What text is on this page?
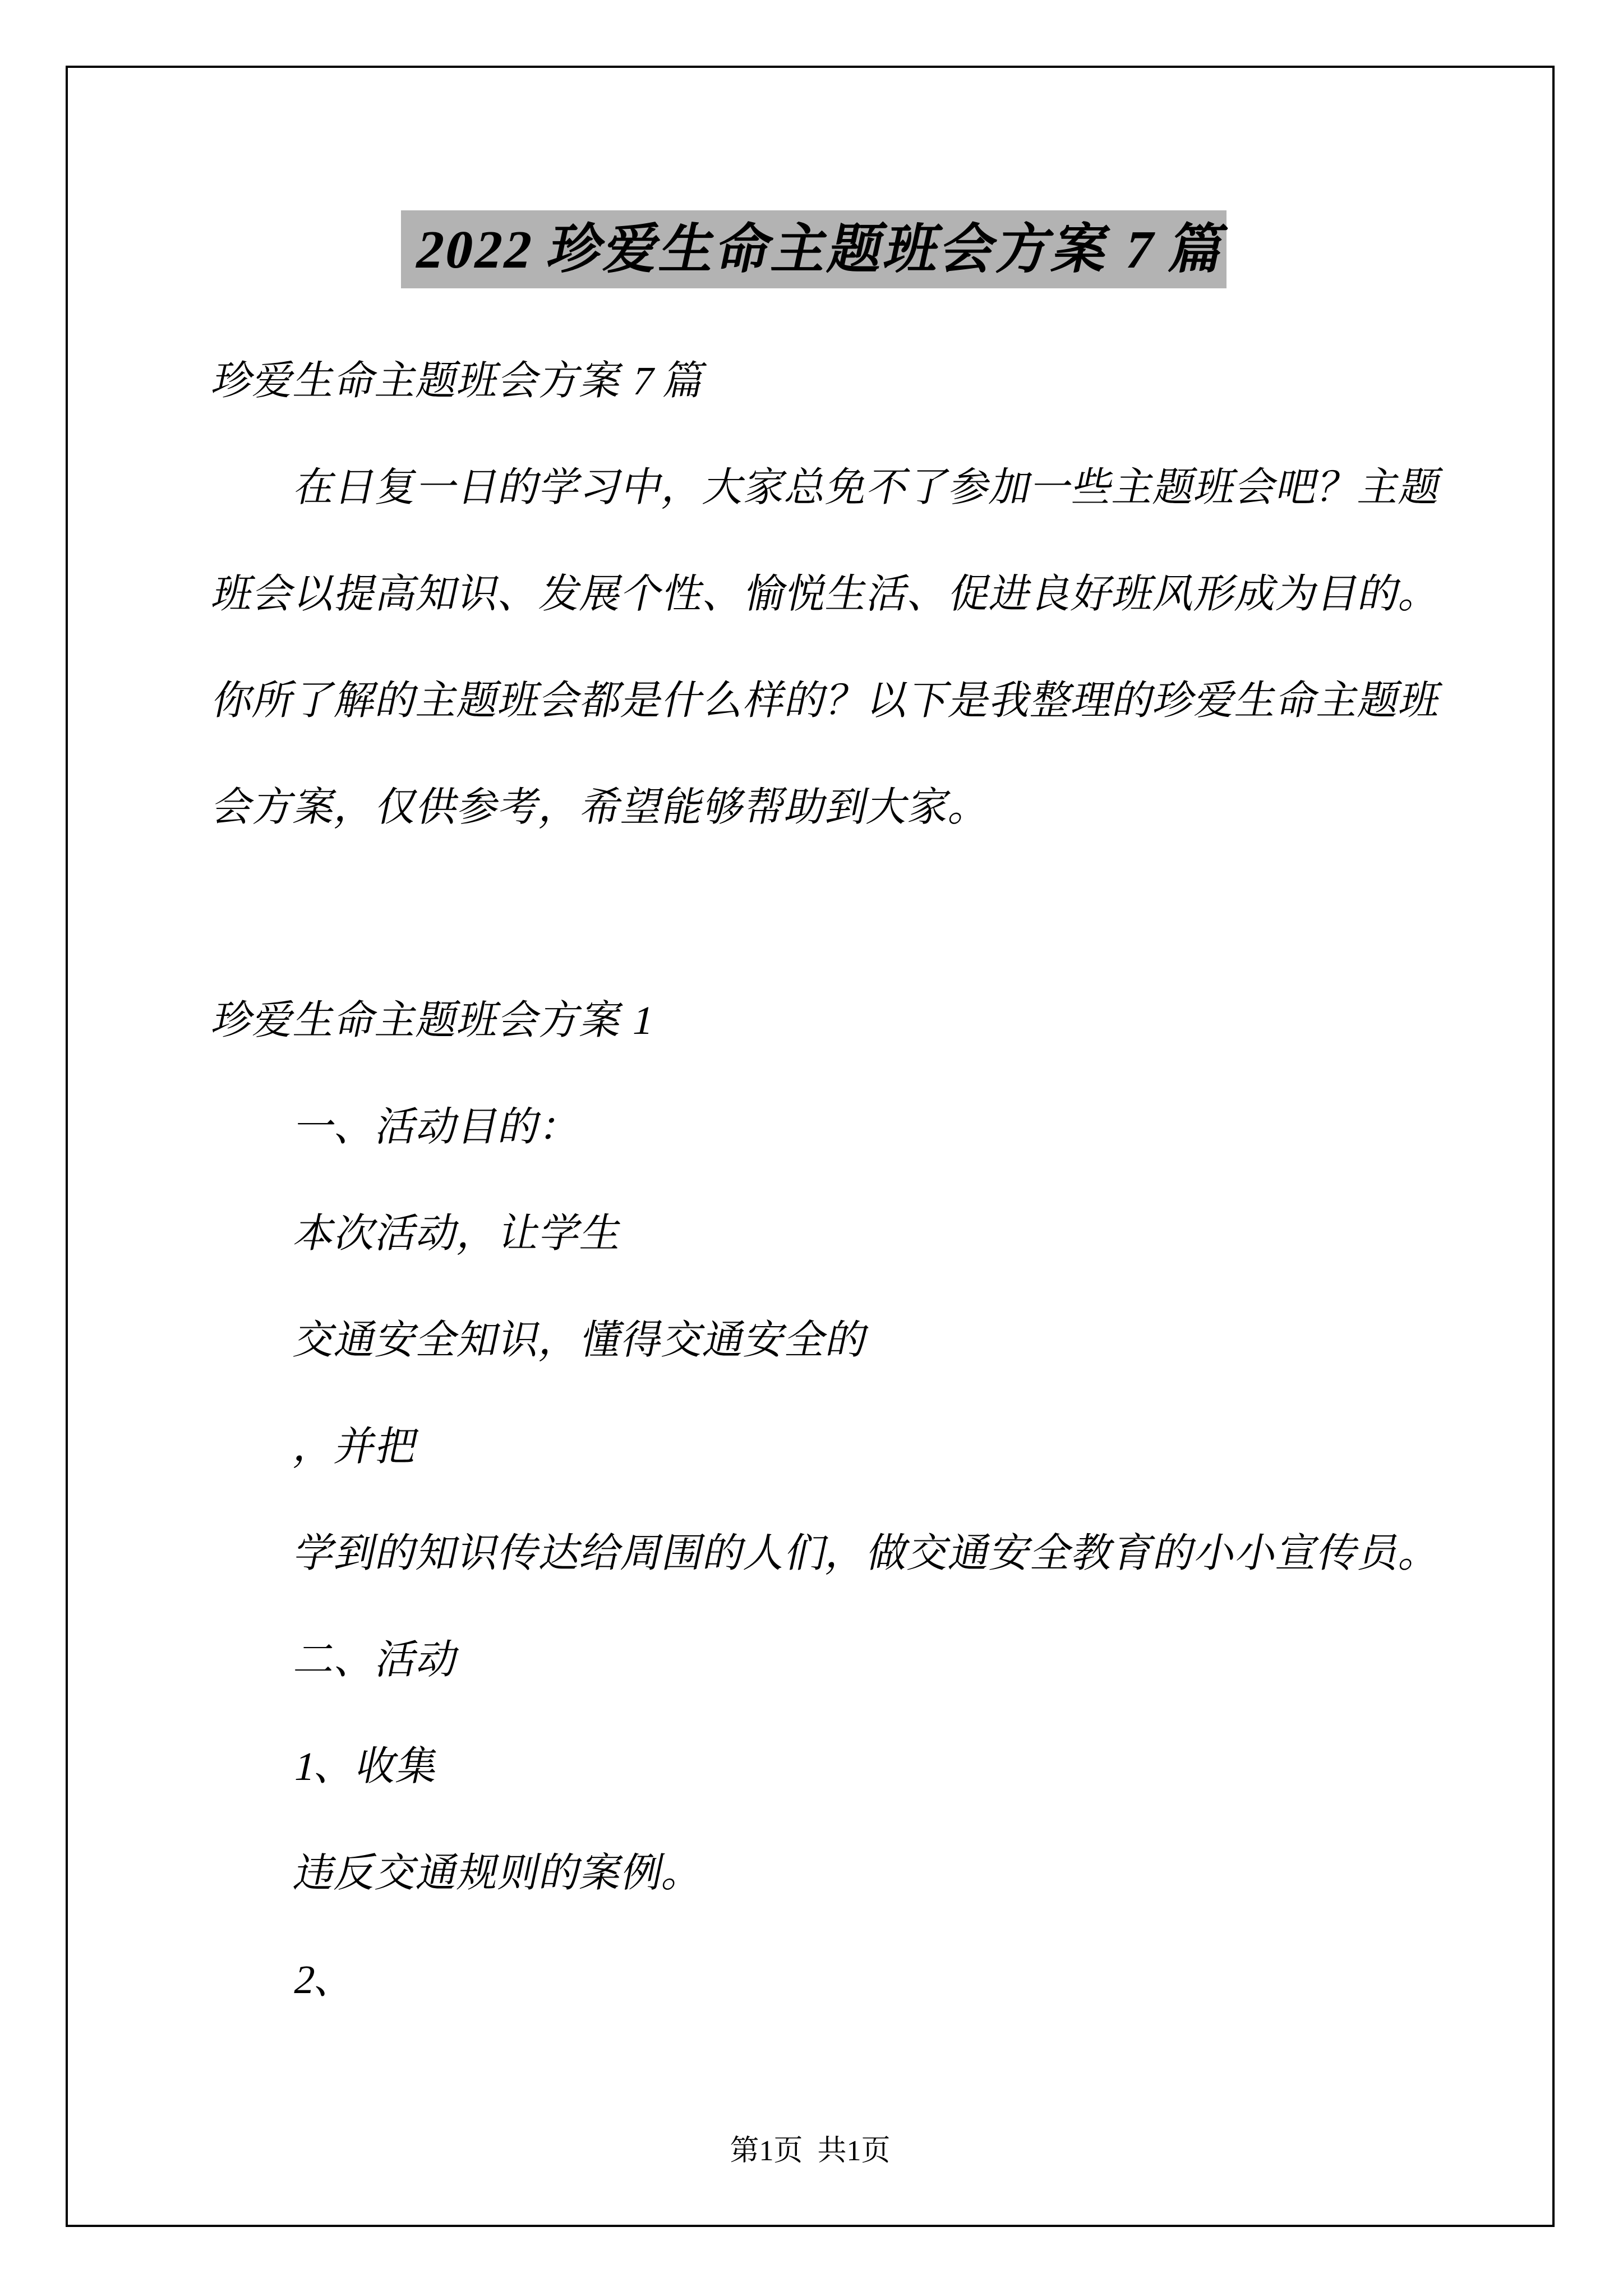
2022 珍爱生命主题班会方案 7 篇

珍爱生命主题班会方案 7 篇
　　在日复一日的学习中，大家总免不了参加一些主题班会吧？主题
班会以提高知识、发展个性、愉悦生活、促进良好班风形成为目的。
你所了解的主题班会都是什么样的？以下是我整理的珍爱生命主题班
会方案，仅供参考，希望能够帮助到大家。
珍爱生命主题班会方案 1
　　一、活动目的：
　　本次活动，让学生
　　交通安全知识，懂得交通安全的
　　，并把
　　学到的知识传达给周围的人们，做交通安全教育的小小宣传员。
　　二、活动
　　1、收集
　　违反交通规则的案例。
　　2、
第1页  共1页
